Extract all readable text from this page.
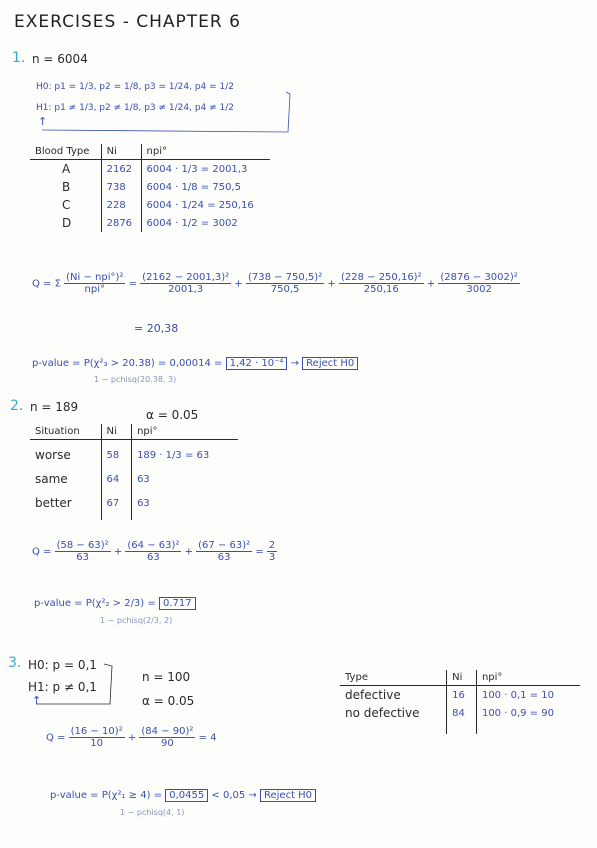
EXERCISES - CHAPTER 6
1. n = 6004
H0: p1 = 1/3, p2 = 1/8, p3 = 1/24, p4 = 1/2
H1: p1 ≠ 1/3, p2 ≠ 1/8, p3 ≠ 1/24, p4 ≠ 1/2
↑
Blood Type	Ni	npi°
A	2162	6004 · 1/3 = 2001,3
B	738	6004 · 1/8 = 750,5
C	228	6004 · 1/24 = 250,16
D	2876	6004 · 1/2 = 3002
Q = Σ $\frac{\text{(Ni − npi°)²}}{\text{npi°}} = \frac{\text{(2162 − 2001,3)²}}{2001,3} + \frac{\text{(738 − 750,5)²}}{750,5} + \frac{\text{(228 − 250,16)²}}{250,16} + \frac{\text{(2876 − 3002)²}}{3002}$
= 20,38
p-value = P(χ²₃ > 20.38) = 0,00014 = 1,42 · 10⁻⁴ → Reject H0
1 − pchisq(20.38, 3)
2. n = 189
α = 0.05
Situation	Ni	npi°
worse	58	189 · 1/3 = 63
same	64	63
better	67	63
$Q = \frac{\text{(58 − 63)²}}{63} + \frac{\text{(64 − 63)²}}{63} + \frac{\text{(67 − 63)²}}{63} = \frac{2}{3}$
p-value = P(χ²₂ > 2/3) = 0.717
1 − pchisq(2/3, 2)
3. H0: p = 0,1
H1: p ≠ 0,1
↑
n = 100
α = 0.05
Type	Ni	npi°
defective	16	100 · 0,1 = 10
no defective	84	100 · 0,9 = 90
$Q = \frac{\text{(16 − 10)²}}{10} + \frac{\text{(84 − 90)²}}{90} = 4$
p-value = P(χ²₁ ≥ 4) = 0,0455 < 0,05 → Reject H0
1 − pchisq(4, 1)
